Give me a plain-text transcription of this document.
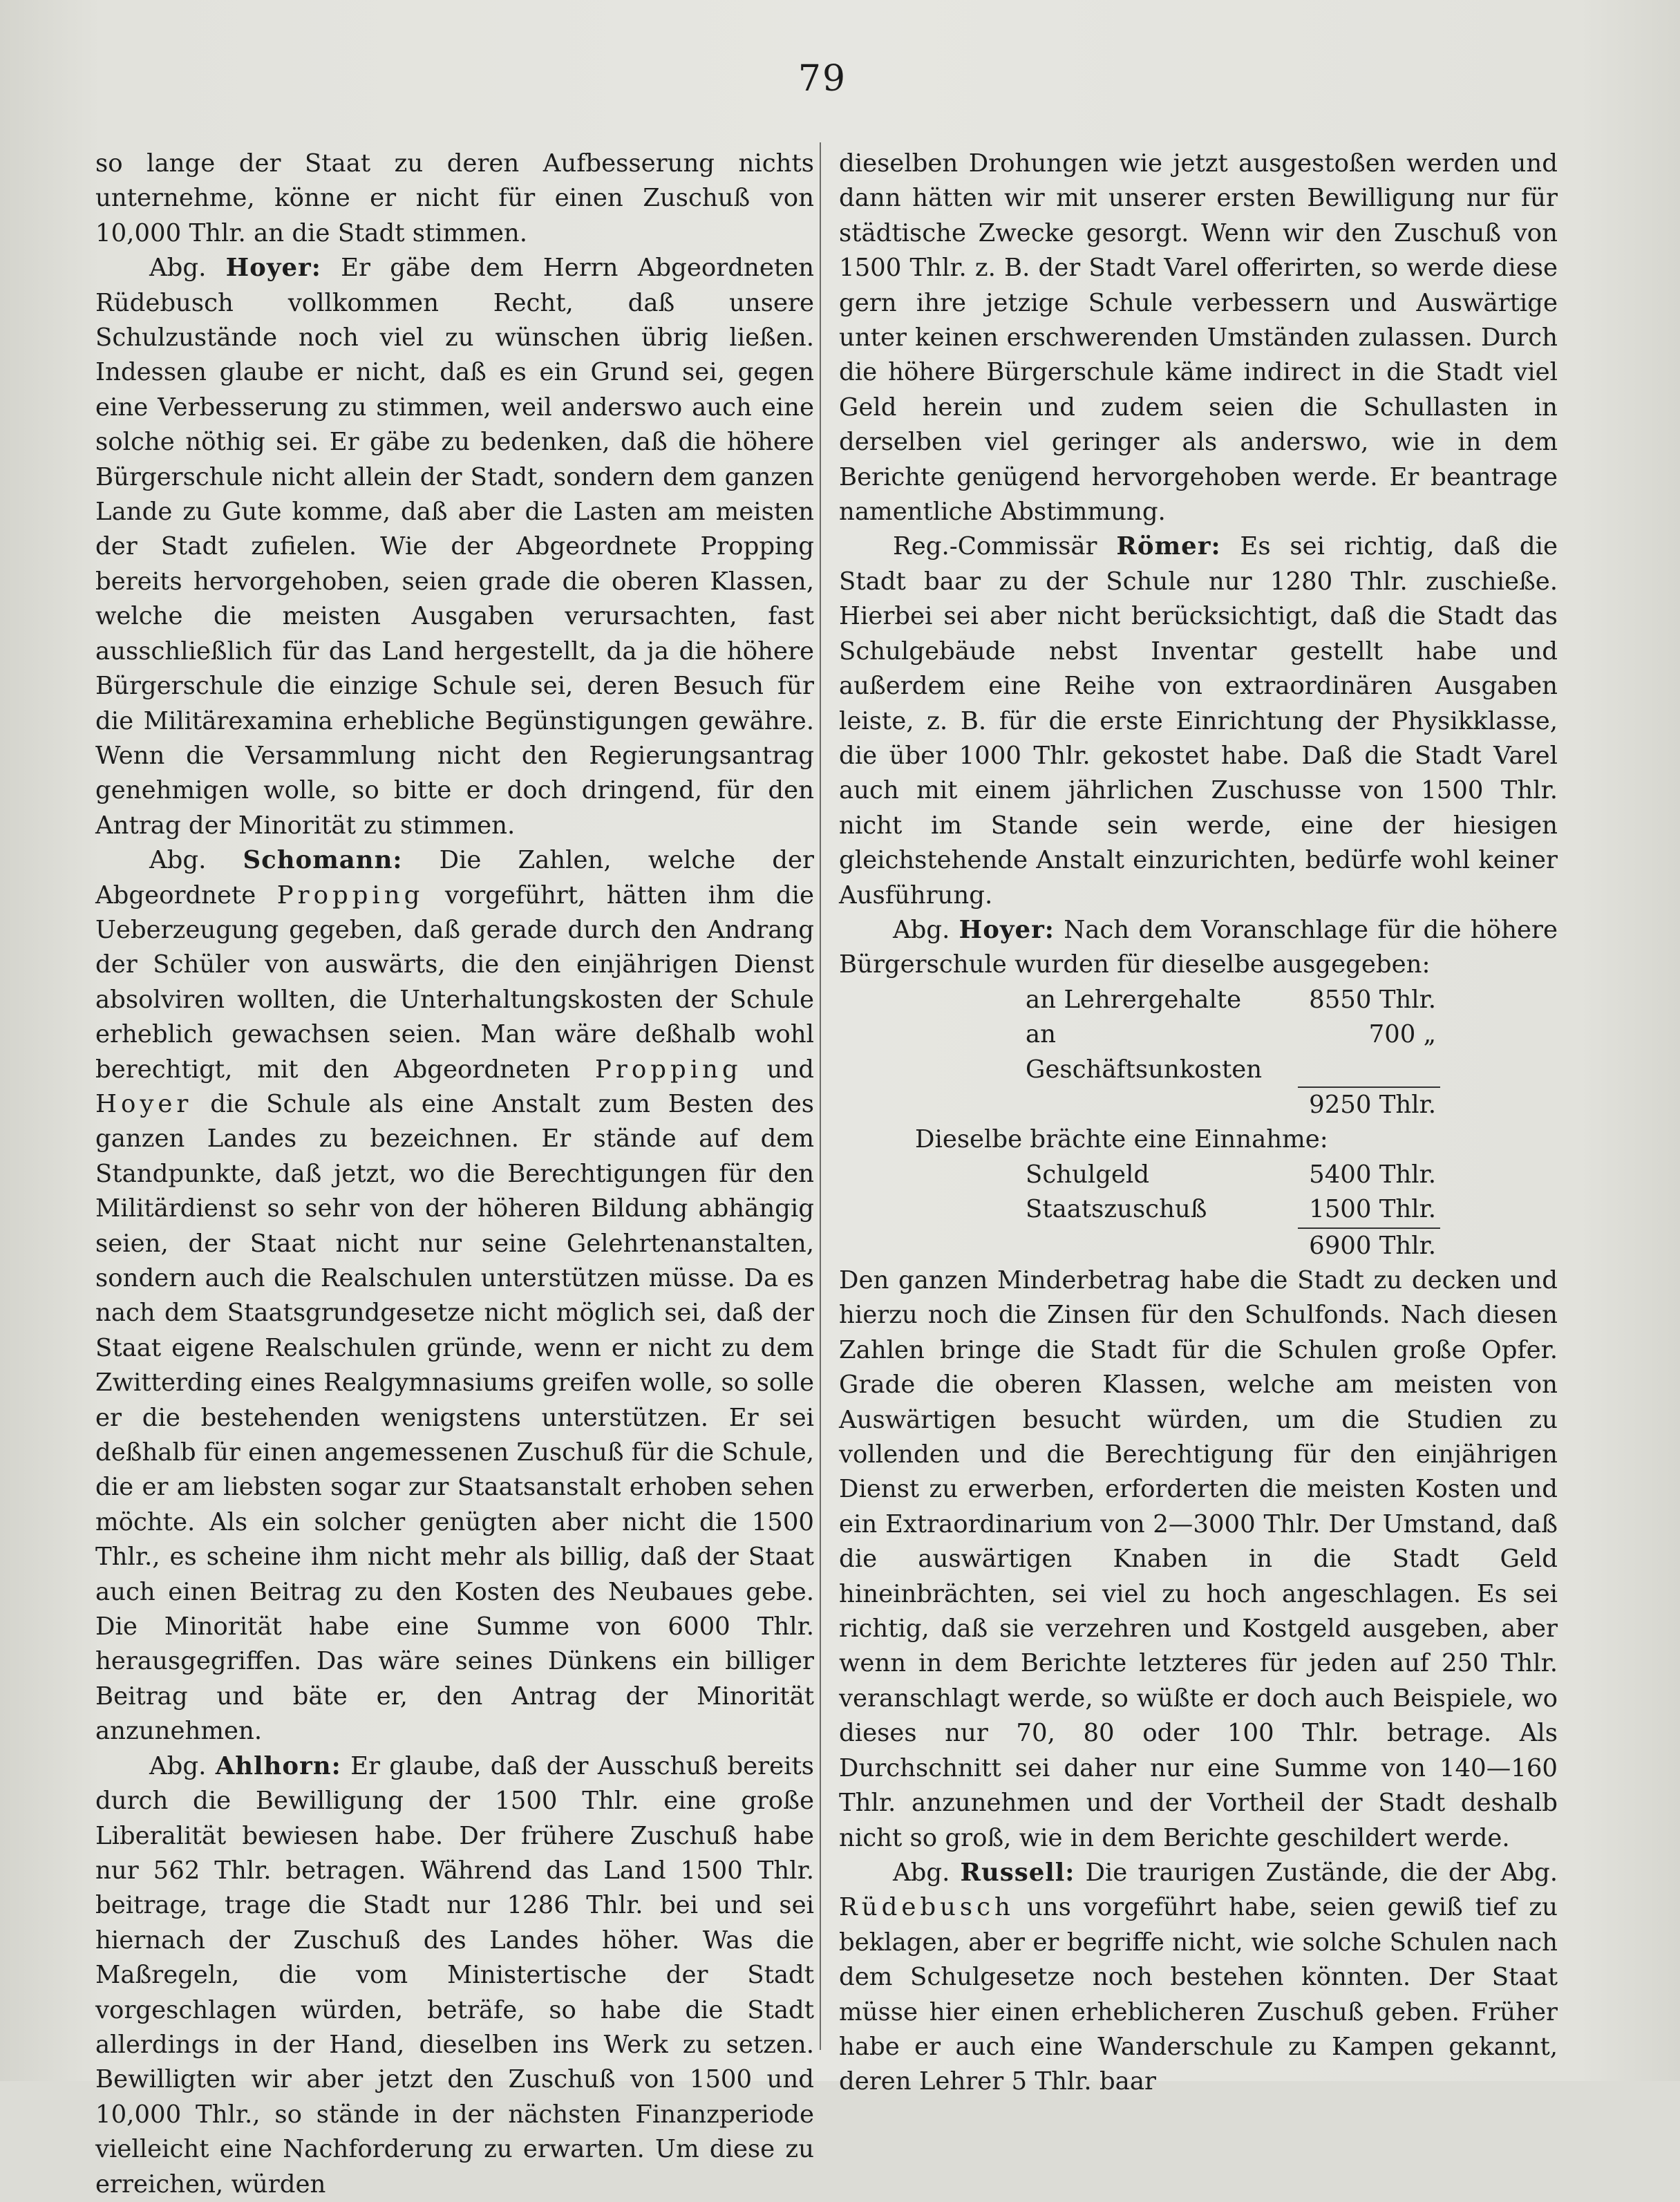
79

so lange der Staat zu deren Aufbesserung nichts unternehme, könne er nicht für einen Zuschuß von 10,000 Thlr. an die Stadt stimmen.

Abg. Hoyer: Er gäbe dem Herrn Abgeordneten Rüdebusch vollkommen Recht, daß unsere Schulzustände noch viel zu wünschen übrig ließen. Indessen glaube er nicht, daß es ein Grund sei, gegen eine Verbesserung zu stimmen, weil anderswo auch eine solche nöthig sei. Er gäbe zu bedenken, daß die höhere Bürgerschule nicht allein der Stadt, sondern dem ganzen Lande zu Gute komme, daß aber die Lasten am meisten der Stadt zufielen. Wie der Abgeordnete Propping bereits hervorgehoben, seien grade die oberen Klassen, welche die meisten Ausgaben verursachten, fast ausschließlich für das Land hergestellt, da ja die höhere Bürgerschule die einzige Schule sei, deren Besuch für die Militärexamina erhebliche Begünstigungen gewähre. Wenn die Versammlung nicht den Regierungsantrag genehmigen wolle, so bitte er doch dringend, für den Antrag der Minorität zu stimmen.

Abg. Schomann: Die Zahlen, welche der Abgeordnete Propping vorgeführt, hätten ihm die Ueberzeugung gegeben, daß gerade durch den Andrang der Schüler von auswärts, die den einjährigen Dienst absolviren wollten, die Unterhaltungskosten der Schule erheblich gewachsen seien. Man wäre deßhalb wohl berechtigt, mit den Abgeordneten Propping und Hoyer die Schule als eine Anstalt zum Besten des ganzen Landes zu bezeichnen. Er stände auf dem Standpunkte, daß jetzt, wo die Berechtigungen für den Militärdienst so sehr von der höheren Bildung abhängig seien, der Staat nicht nur seine Gelehrtenanstalten, sondern auch die Realschulen unterstützen müsse. Da es nach dem Staatsgrundgesetze nicht möglich sei, daß der Staat eigene Realschulen gründe, wenn er nicht zu dem Zwitterding eines Realgymnasiums greifen wolle, so solle er die bestehenden wenigstens unterstützen. Er sei deßhalb für einen angemessenen Zuschuß für die Schule, die er am liebsten sogar zur Staatsanstalt erhoben sehen möchte. Als ein solcher genügten aber nicht die 1500 Thlr., es scheine ihm nicht mehr als billig, daß der Staat auch einen Beitrag zu den Kosten des Neubaues gebe. Die Minorität habe eine Summe von 6000 Thlr. herausgegriffen. Das wäre seines Dünkens ein billiger Beitrag und bäte er, den Antrag der Minorität anzunehmen.

Abg. Ahlhorn: Er glaube, daß der Ausschuß bereits durch die Bewilligung der 1500 Thlr. eine große Liberalität bewiesen habe. Der frühere Zuschuß habe nur 562 Thlr. betragen. Während das Land 1500 Thlr. beitrage, trage die Stadt nur 1286 Thlr. bei und sei hiernach der Zuschuß des Landes höher. Was die Maßregeln, die vom Ministertische der Stadt vorgeschlagen würden, beträfe, so habe die Stadt allerdings in der Hand, dieselben ins Werk zu setzen. Bewilligten wir aber jetzt den Zuschuß von 1500 und 10,000 Thlr., so stände in der nächsten Finanzperiode vielleicht eine Nachforderung zu erwarten. Um diese zu erreichen, würden

dieselben Drohungen wie jetzt ausgestoßen werden und dann hätten wir mit unserer ersten Bewilligung nur für städtische Zwecke gesorgt. Wenn wir den Zuschuß von 1500 Thlr. z. B. der Stadt Varel offerirten, so werde diese gern ihre jetzige Schule verbessern und Auswärtige unter keinen erschwerenden Umständen zulassen. Durch die höhere Bürgerschule käme indirect in die Stadt viel Geld herein und zudem seien die Schullasten in derselben viel geringer als anderswo, wie in dem Berichte genügend hervorgehoben werde. Er beantrage namentliche Abstimmung.

Reg.-Commissär Römer: Es sei richtig, daß die Stadt baar zu der Schule nur 1280 Thlr. zuschieße. Hierbei sei aber nicht berücksichtigt, daß die Stadt das Schulgebäude nebst Inventar gestellt habe und außerdem eine Reihe von extraordinären Ausgaben leiste, z. B. für die erste Einrichtung der Physikklasse, die über 1000 Thlr. gekostet habe. Daß die Stadt Varel auch mit einem jährlichen Zuschusse von 1500 Thlr. nicht im Stande sein werde, eine der hiesigen gleichstehende Anstalt einzurichten, bedürfe wohl keiner Ausführung.

Abg. Hoyer: Nach dem Voranschlage für die höhere Bürgerschule wurden für dieselbe ausgegeben:

an Lehrergehalte	8550 Thlr.
an Geschäftsunkosten	700 „
	9250 Thlr.

Dieselbe brächte eine Einnahme:

Schulgeld	5400 Thlr.
Staatszuschuß	1500 Thlr.
	6900 Thlr.

Den ganzen Minderbetrag habe die Stadt zu decken und hierzu noch die Zinsen für den Schulfonds. Nach diesen Zahlen bringe die Stadt für die Schulen große Opfer. Grade die oberen Klassen, welche am meisten von Auswärtigen besucht würden, um die Studien zu vollenden und die Berechtigung für den einjährigen Dienst zu erwerben, erforderten die meisten Kosten und ein Extraordinarium von 2—3000 Thlr. Der Umstand, daß die auswärtigen Knaben in die Stadt Geld hineinbrächten, sei viel zu hoch angeschlagen. Es sei richtig, daß sie verzehren und Kostgeld ausgeben, aber wenn in dem Berichte letzteres für jeden auf 250 Thlr. veranschlagt werde, so wüßte er doch auch Beispiele, wo dieses nur 70, 80 oder 100 Thlr. betrage. Als Durchschnitt sei daher nur eine Summe von 140—160 Thlr. anzunehmen und der Vortheil der Stadt deshalb nicht so groß, wie in dem Berichte geschildert werde.

Abg. Russell: Die traurigen Zustände, die der Abg. Rüdebusch uns vorgeführt habe, seien gewiß tief zu beklagen, aber er begriffe nicht, wie solche Schulen nach dem Schulgesetze noch bestehen könnten. Der Staat müsse hier einen erheblicheren Zuschuß geben. Früher habe er auch eine Wanderschule zu Kampen gekannt, deren Lehrer 5 Thlr. baar
